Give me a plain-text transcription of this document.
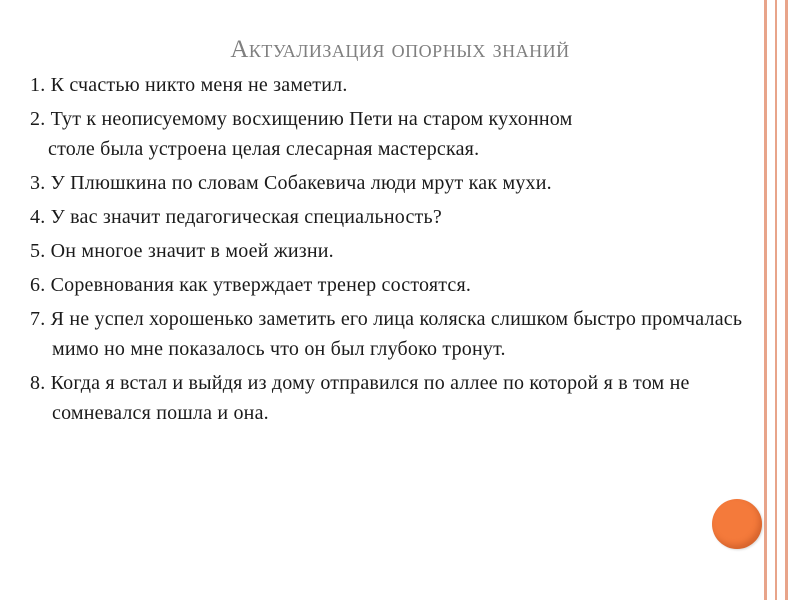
Актуализация опорных знаний
1. К счастью никто меня не заметил.
2. Тут к неописуемому восхищению Пети на старом кухонном
столе была устроена целая слесарная мастерская.
3. У Плюшкина по словам Собакевича люди мрут как мухи.
4. У вас значит педагогическая специальность?
5. Он многое значит в моей жизни.
6. Соревнования как утверждает тренер состоятся.
7. Я не успел хорошенько заметить его лица коляска слишком быстро промчалась мимо но мне показалось что он был глубоко тронут.
8. Когда я встал и выйдя из дому отправился по аллее по которой я в том не сомневался пошла и она.
